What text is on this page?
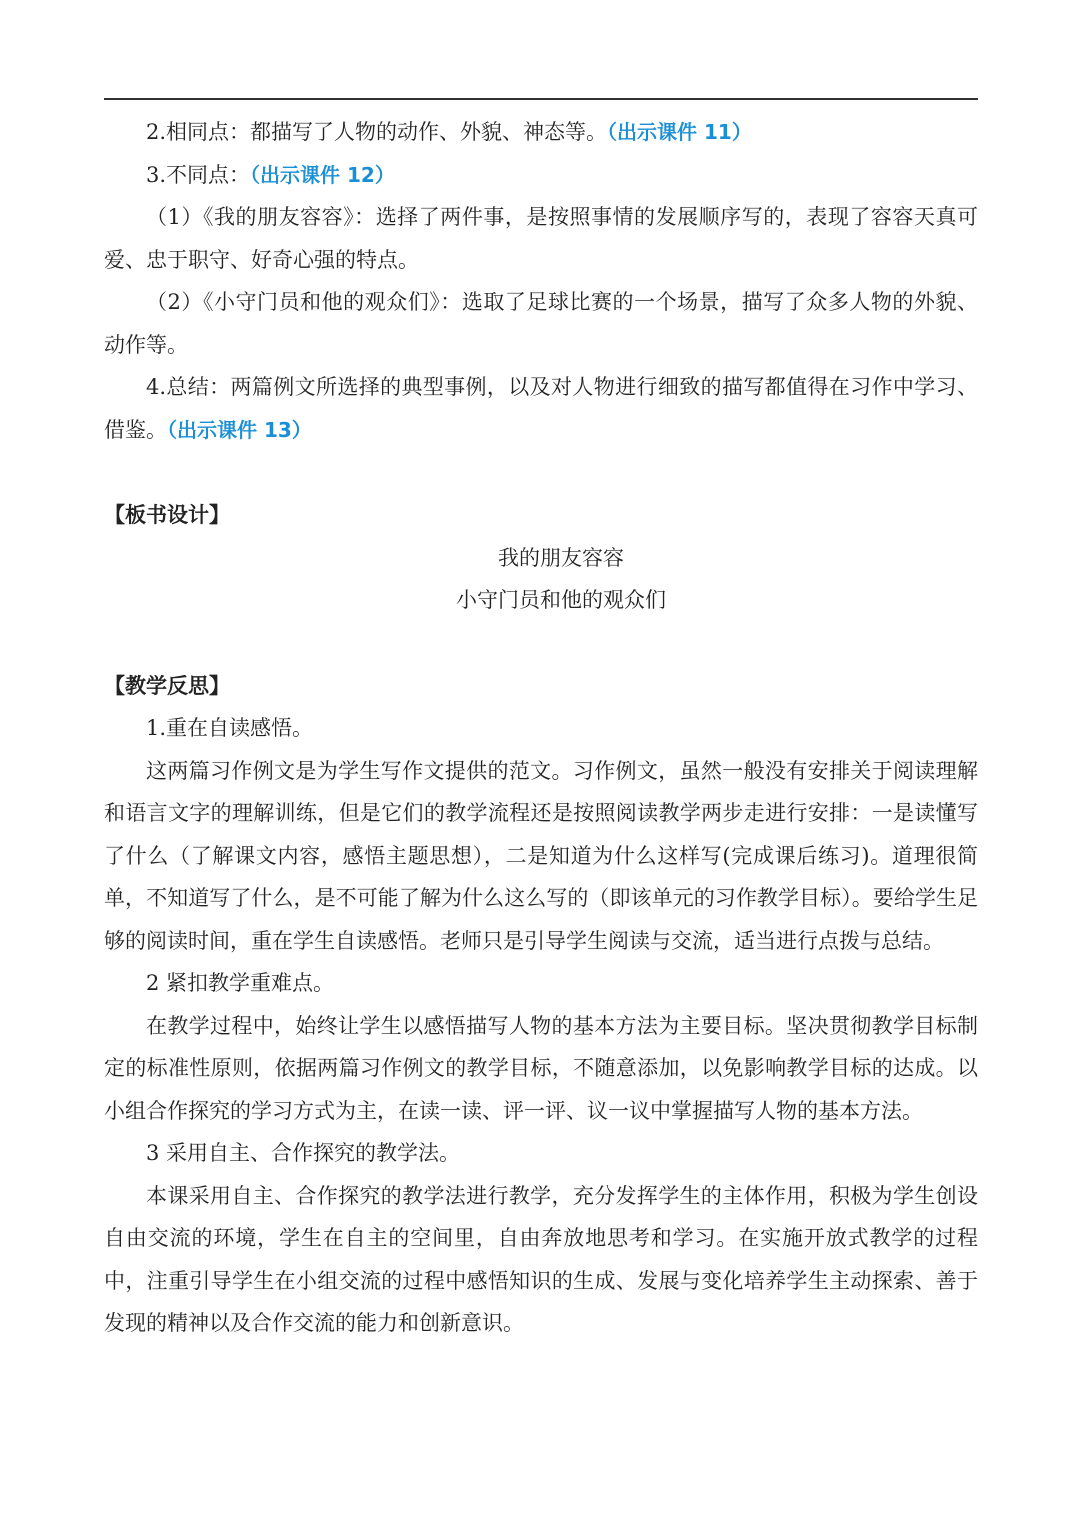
2.相同点：都描写了人物的动作、外貌、神态等。（出示课件 11）

3.不同点：（出示课件 12）

（1）《我的朋友容容》：选择了两件事，是按照事情的发展顺序写的，表现了容容天真可爱、忠于职守、好奇心强的特点。

（2）《小守门员和他的观众们》：选取了足球比赛的一个场景，描写了众多人物的外貌、动作等。

4.总结：两篇例文所选择的典型事例，以及对人物进行细致的描写都值得在习作中学习、借鉴。（出示课件 13）

【板书设计】

我的朋友容容

小守门员和他的观众们

【教学反思】

1.重在自读感悟。

这两篇习作例文是为学生写作文提供的范文。习作例文，虽然一般没有安排关于阅读理解和语言文字的理解训练，但是它们的教学流程还是按照阅读教学两步走进行安排：一是读懂写了什么（了解课文内容，感悟主题思想），二是知道为什么这样写(完成课后练习)。道理很简单，不知道写了什么，是不可能了解为什么这么写的（即该单元的习作教学目标）。要给学生足够的阅读时间，重在学生自读感悟。老师只是引导学生阅读与交流，适当进行点拨与总结。

2 紧扣教学重难点。

在教学过程中，始终让学生以感悟描写人物的基本方法为主要目标。坚决贯彻教学目标制定的标准性原则，依据两篇习作例文的教学目标，不随意添加，以免影响教学目标的达成。以小组合作探究的学习方式为主，在读一读、评一评、议一议中掌握描写人物的基本方法。

3 采用自主、合作探究的教学法。

本课采用自主、合作探究的教学法进行教学，充分发挥学生的主体作用，积极为学生创设自由交流的环境，学生在自主的空间里，自由奔放地思考和学习。在实施开放式教学的过程中，注重引导学生在小组交流的过程中感悟知识的生成、发展与变化培养学生主动探索、善于发现的精神以及合作交流的能力和创新意识。
